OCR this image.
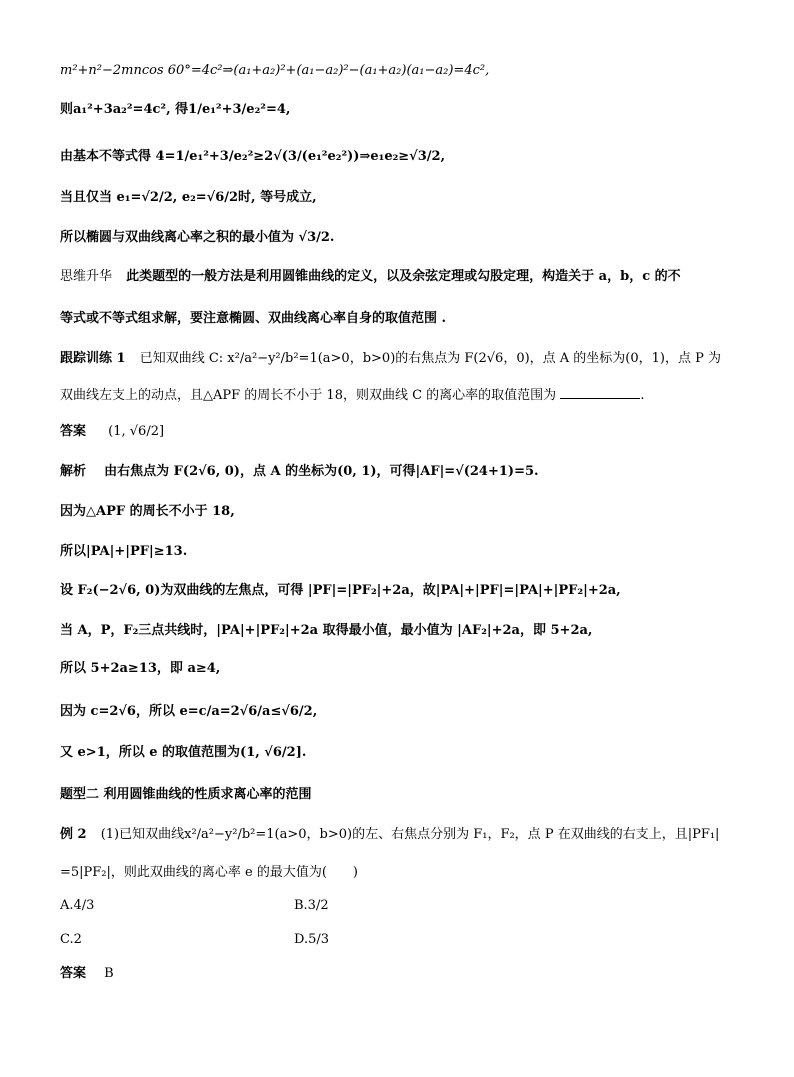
m²+n²−2mncos 60°=4c²⇒(a₁+a₂)²+(a₁−a₂)²−(a₁+a₂)(a₁−a₂)=4c²,
则a₁²+3a₂²=4c², 得1/e₁²+3/e₂²=4,
由基本不等式得 4=1/e₁²+3/e₂²≥2√(3/(e₁²e₂²))⇒e₁e₂≥√3/2,
当且仅当 e₁=√2/2, e₂=√6/2时, 等号成立,
所以椭圆与双曲线离心率之积的最小值为 √3/2.
思维升华 此类题型的一般方法是利用圆锥曲线的定义，以及余弦定理或勾股定理，构造关于 a，b，c 的不
等式或不等式组求解，要注意椭圆、双曲线离心率自身的取值范围 .
跟踪训练 1 已知双曲线 C: x²/a²−y²/b²=1(a>0，b>0)的右焦点为 F(2√6，0)，点 A 的坐标为(0，1)，点 P 为
双曲线左支上的动点，且△APF 的周长不小于 18，则双曲线 C 的离心率的取值范围为	.
答案 (1, √6/2]
解析 由右焦点为 F(2√6, 0)，点 A 的坐标为(0, 1)，可得|AF|=√(24+1)=5.
因为△APF 的周长不小于 18,
所以|PA|+|PF|≥13.
设 F₂(−2√6, 0)为双曲线的左焦点，可得 |PF|=|PF₂|+2a，故|PA|+|PF|=|PA|+|PF₂|+2a,
当 A，P，F₂三点共线时，|PA|+|PF₂|+2a 取得最小值，最小值为 |AF₂|+2a，即 5+2a,
所以 5+2a≥13，即 a≥4,
因为 c=2√6，所以 e=c/a=2√6/a≤√6/2,
又 e>1，所以 e 的取值范围为(1, √6/2].
题型二 利用圆锥曲线的性质求离心率的范围
例 2 (1)已知双曲线x²/a²−y²/b²=1(a>0，b>0)的左、右焦点分别为 F₁，F₂，点 P 在双曲线的右支上，且|PF₁|
=5|PF₂|，则此双曲线的离心率 e 的最大值为(　　)
A.4/3	B.3/2
C.2	D.5/3
答案 B
